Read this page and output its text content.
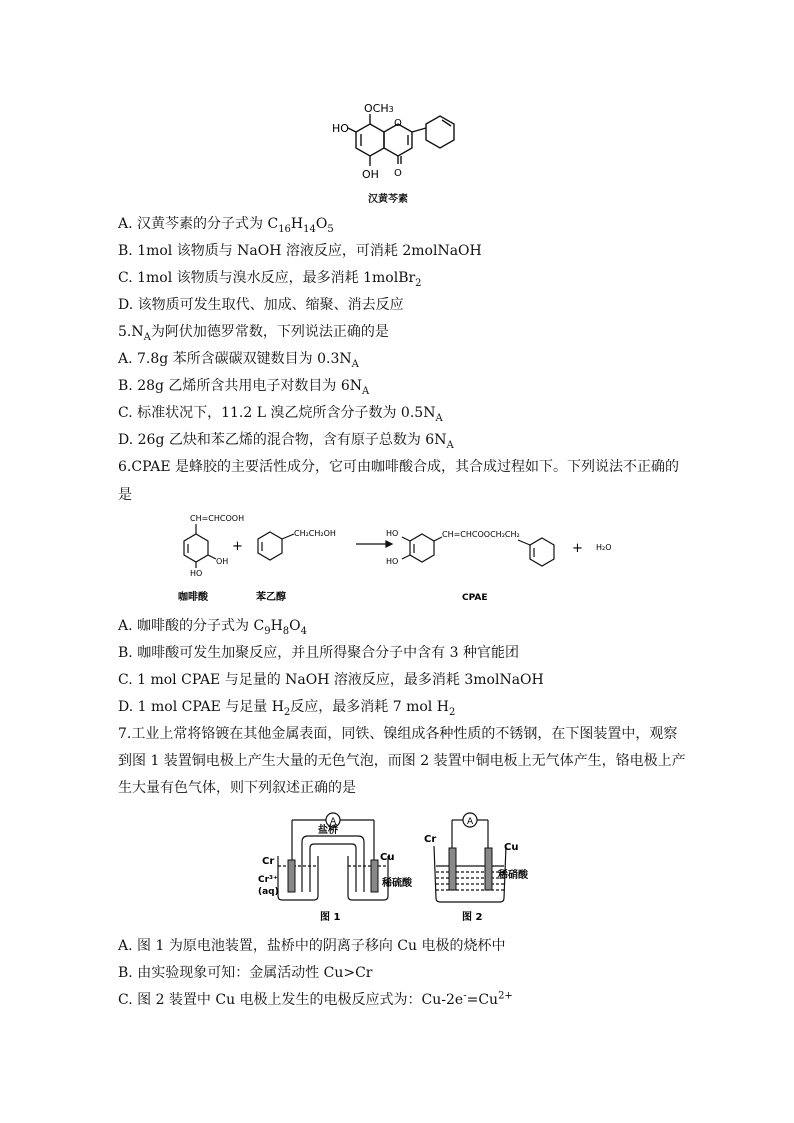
OCH3
HO
OH
O
O
汉黄芩素
A. 汉黄芩素的分子式为 $C_{16}H_{14}O_5$
B. 1mol 该物质与 NaOH 溶液反应，可消耗 2molNaOH
C. 1mol 该物质与溴水反应，最多消耗 1molBr$_2$
D. 该物质可发生取代、加成、缩聚、消去反应
$5.N_A$为阿伏加德罗常数，下列说法正确的是
A. 7.8g 苯所含碳碳双键数目为 $0.3N_A$
B. 28g 乙烯所含共用电子对数目为 $6N_A$
C. 标准状况下，11.2 L 溴乙烷所含分子数为 $0.5N_A$
D. 26g 乙炔和苯乙烯的混合物，含有原子总数为 $6N_A$
6.CPAE 是蜂胶的主要活性成分，它可由咖啡酸合成，其合成过程如下。下列说法不正确的
是
CH=CHCOOH
OH
HO
+
CH₂CH₂OH	HO
HO
CH=CHCOOCH₂CH₂
+ H₂O
咖啡酸	苯乙醇	CPAE
A. 咖啡酸的分子式为 $C_9H_8O_4$
B. 咖啡酸可发生加聚反应，并且所得聚合分子中含有 3 种官能团
C. 1 mol CPAE 与足量的 NaOH 溶液反应，最多消耗 3molNaOH
D. 1 mol CPAE 与足量 $H_2$反应，最多消耗 7 mol $H_2$
7.工业上常将铬镀在其他金属表面，同铁、镍组成各种性质的不锈钢，在下图装置中，观察
到图 1 装置铜电极上产生大量的无色气泡，而图 2 装置中铜电板上无气体产生，铬电极上产
生大量有色气体，则下列叙述正确的是
A
盐桥
Cr	Cu
Cr³⁺
(aq)
稀硫酸
图 1
A
Cr
Cu
稀硝酸
图 2
A. 图 1 为原电池装置，盐桥中的阴离子移向 Cu 电极的烧杯中
B. 由实验现象可知：金属活动性 Cu>Cr
C. 图 2 装置中 Cu 电极上发生的电极反应式为：$Cu-2e^-=Cu^{2+}$
